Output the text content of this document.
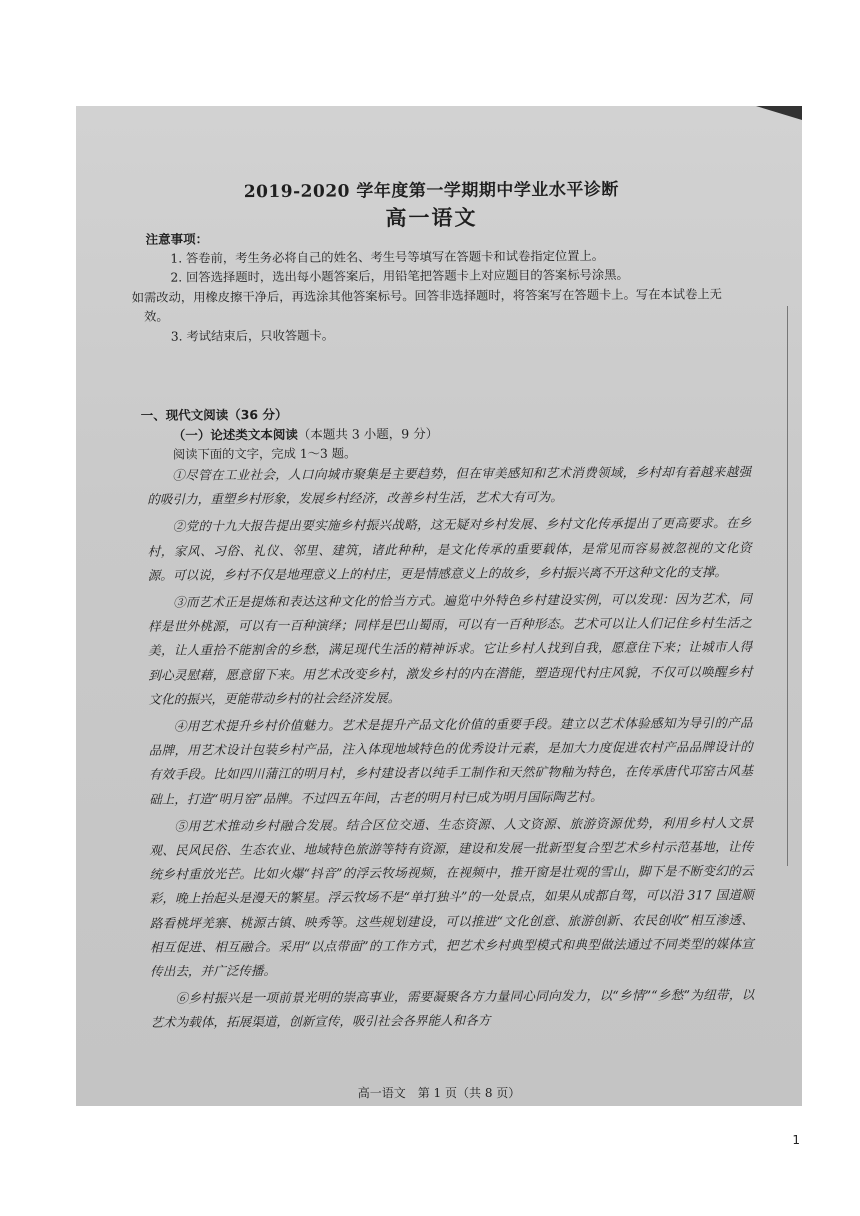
2019-2020 学年度第一学期期中学业水平诊断
高一语文
注意事项：
1. 答卷前，考生务必将自己的姓名、考生号等填写在答题卡和试卷指定位置上。
2. 回答选择题时，选出每小题答案后，用铅笔把答题卡上对应题目的答案标号涂黑。
如需改动，用橡皮擦干净后，再选涂其他答案标号。回答非选择题时，将答案写在答题卡上。写在本试卷上无效。
3. 考试结束后，只收答题卡。
一、现代文阅读（36 分）
（一）论述类文本阅读（本题共 3 小题，9 分）
阅读下面的文字，完成 1～3 题。

①尽管在工业社会，人口向城市聚集是主要趋势，但在审美感知和艺术消费领域，乡村却有着越来越强的吸引力，重塑乡村形象，发展乡村经济，改善乡村生活，艺术大有可为。

②党的十九大报告提出要实施乡村振兴战略，这无疑对乡村发展、乡村文化传承提出了更高要求。在乡村，家风、习俗、礼仪、邻里、建筑，诸此种种，是文化传承的重要载体，是常见而容易被忽视的文化资源。可以说，乡村不仅是地理意义上的村庄，更是情感意义上的故乡，乡村振兴离不开这种文化的支撑。

③而艺术正是提炼和表达这种文化的恰当方式。遍览中外特色乡村建设实例，可以发现：因为艺术，同样是世外桃源，可以有一百种演绎；同样是巴山蜀雨，可以有一百种形态。艺术可以让人们记住乡村生活之美，让人重拾不能割舍的乡愁，满足现代生活的精神诉求。它让乡村人找到自我，愿意住下来；让城市人得到心灵慰藉，愿意留下来。用艺术改变乡村，激发乡村的内在潜能，塑造现代村庄风貌，不仅可以唤醒乡村文化的振兴，更能带动乡村的社会经济发展。

④用艺术提升乡村价值魅力。艺术是提升产品文化价值的重要手段。建立以艺术体验感知为导引的产品品牌，用艺术设计包装乡村产品，注入体现地域特色的优秀设计元素，是加大力度促进农村产品品牌设计的有效手段。比如四川蒲江的明月村，乡村建设者以纯手工制作和天然矿物釉为特色，在传承唐代邛窑古风基础上，打造“明月窑”品牌。不过四五年间，古老的明月村已成为明月国际陶艺村。

⑤用艺术推动乡村融合发展。结合区位交通、生态资源、人文资源、旅游资源优势，利用乡村人文景观、民风民俗、生态农业、地域特色旅游等特有资源，建设和发展一批新型复合型艺术乡村示范基地，让传统乡村重放光芒。比如火爆“抖音”的浮云牧场视频，在视频中，推开窗是壮观的雪山，脚下是不断变幻的云彩，晚上抬起头是漫天的繁星。浮云牧场不是“单打独斗”的一处景点，如果从成都自驾，可以沿 317 国道顺路看桃坪羌寨、桃源古镇、映秀等。这些规划建设，可以推进“文化创意、旅游创新、农民创收”相互渗透、相互促进、相互融合。采用“以点带面”的工作方式，把艺术乡村典型模式和典型做法通过不同类型的媒体宣传出去，并广泛传播。

⑥乡村振兴是一项前景光明的崇高事业，需要凝聚各方力量同心同向发力，以“乡情”“乡愁”为纽带，以艺术为载体，拓展渠道，创新宣传，吸引社会各界能人和各方

高一语文　第 1 页（共 8 页）
1
